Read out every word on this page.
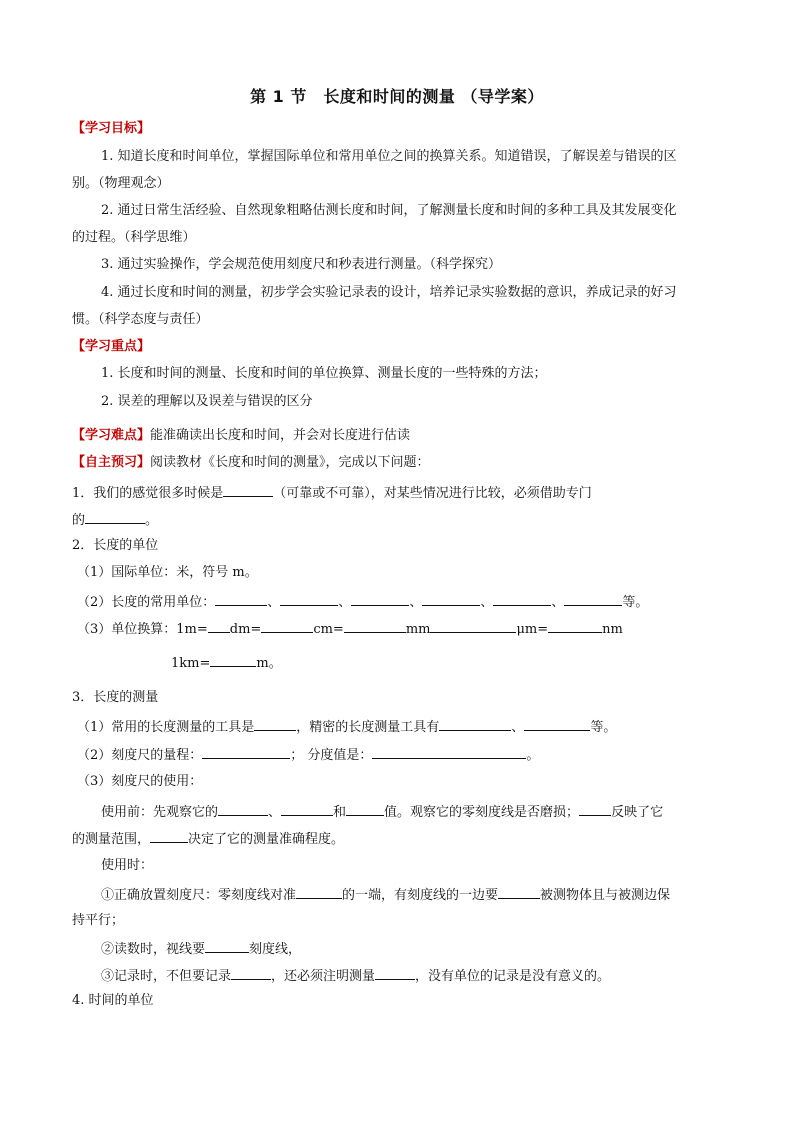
第 1 节　长度和时间的测量 （导学案）
【学习目标】
1. 知道长度和时间单位，掌握国际单位和常用单位之间的换算关系。知道错误，了解误差与错误的区
别。（物理观念）
2. 通过日常生活经验、自然现象粗略估测长度和时间，了解测量长度和时间的多种工具及其发展变化
的过程。（科学思维）
3. 通过实验操作，学会规范使用刻度尺和秒表进行测量。（科学探究）
4. 通过长度和时间的测量，初步学会实验记录表的设计，培养记录实验数据的意识，养成记录的好习
惯。（科学态度与责任）
【学习重点】
1. 长度和时间的测量、长度和时间的单位换算、测量长度的一些特殊的方法；
2. 误差的理解以及误差与错误的区分
【学习难点】能准确读出长度和时间，并会对长度进行估读
【自主预习】阅读教材《长度和时间的测量》，完成以下问题：
1．我们的感觉很多时候是	（可靠或不可靠），对某些情况进行比较，必须借助专门
的	。
2．长度的单位
（1）国际单位：米，符号 m。
（2）长度的常用单位：	、	、	、	、	、	等。
（3）单位换算：1m= dm=	cm=	mm	μm=	nm
1km=	m。
3．长度的测量
（1）常用的长度测量的工具是	，精密的长度测量工具有	、	等。
（2）刻度尺的量程：	； 分度值是：	。
（3）刻度尺的使用：
使用前：先观察它的	、	和	值。观察它的零刻度线是否磨损； 反映了它
的测量范围，	决定了它的测量准确程度。
使用时：
①正确放置刻度尺：零刻度线对准	的一端，有刻度线的一边要	被测物体且与被测边保
持平行；
②读数时，视线要	刻度线，
③记录时，不但要记录	，还必须注明测量	，没有单位的记录是没有意义的。
4. 时间的单位
